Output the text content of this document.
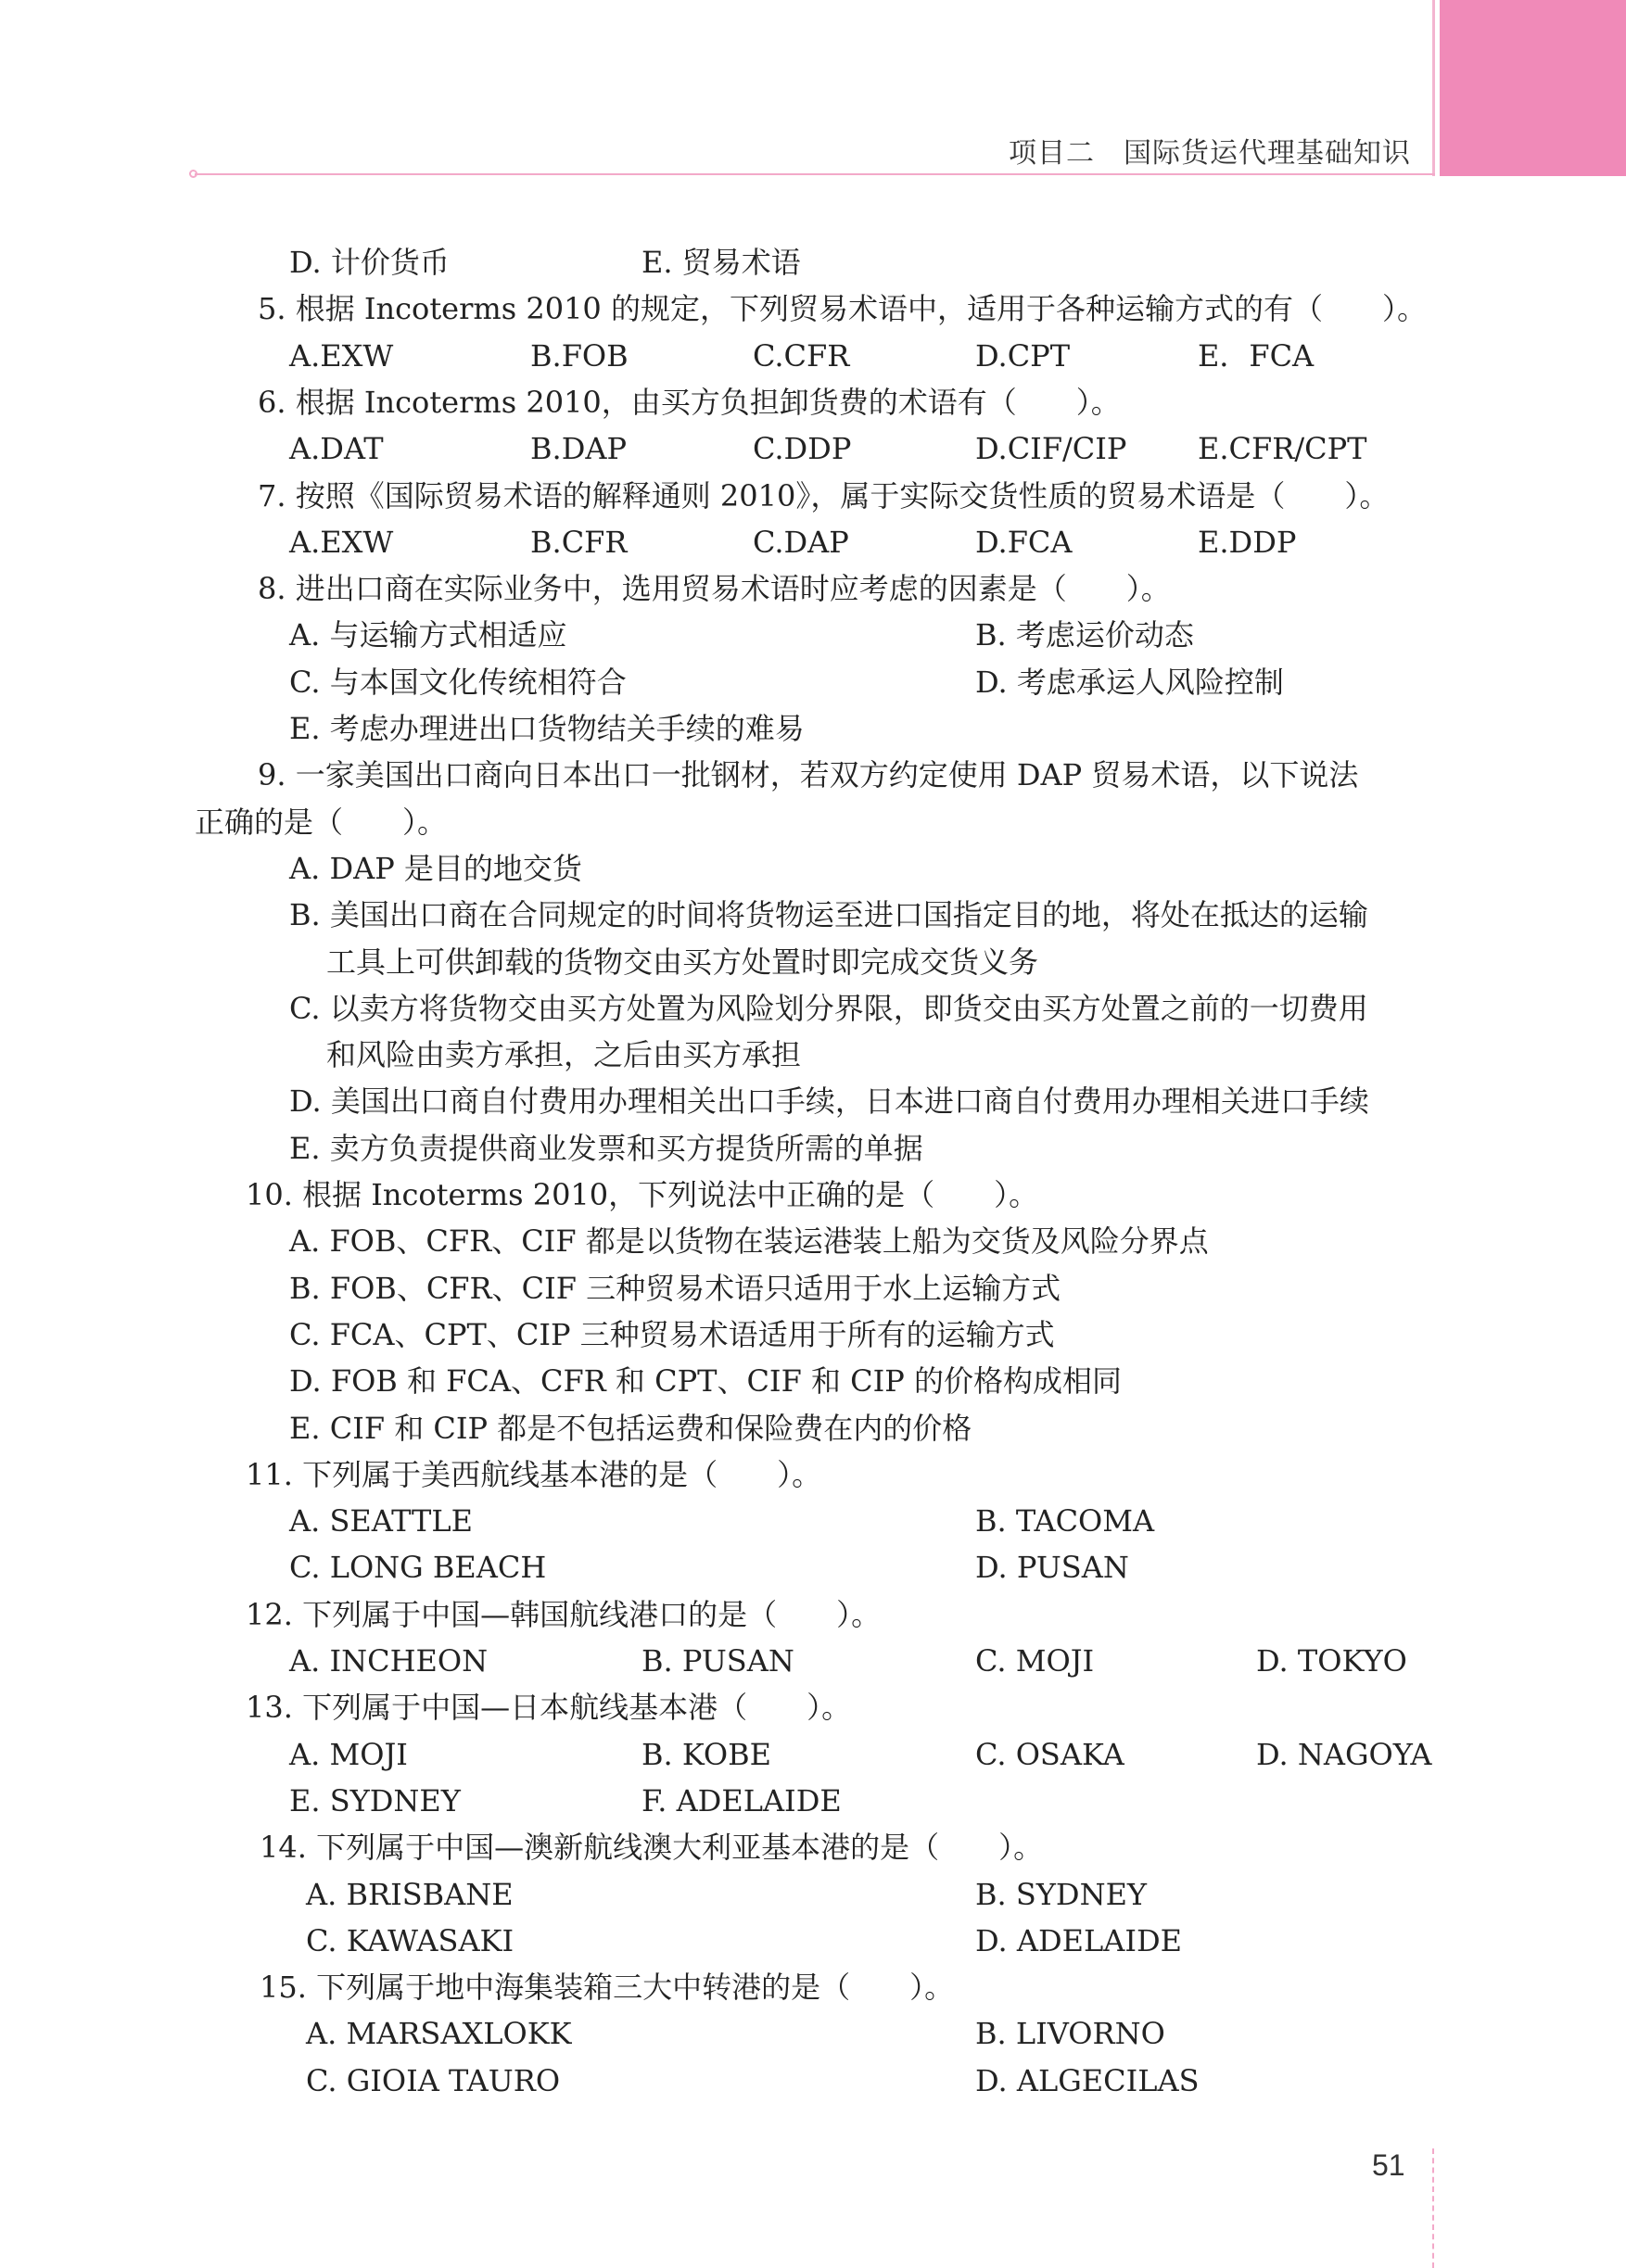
项目二　国际货运代理基础知识
D. 计价货币	E. 贸易术语
5. 根据 Incoterms 2010 的规定，下列贸易术语中，适用于各种运输方式的有（　　）。
A.EXW	B.FOB	C.CFR	D.CPT	E．FCA
6. 根据 Incoterms 2010，由买方负担卸货费的术语有（　　）。
A.DAT	B.DAP	C.DDP	D.CIF/CIP E.CFR/CPT
7. 按照《国际贸易术语的解释通则 2010》，属于实际交货性质的贸易术语是（　　）。
A.EXW	B.CFR	C.DAP	D.FCA	E.DDP
8. 进出口商在实际业务中，选用贸易术语时应考虑的因素是（　　）。
A. 与运输方式相适应	B. 考虑运价动态
C. 与本国文化传统相符合	D. 考虑承运人风险控制
E. 考虑办理进出口货物结关手续的难易
9. 一家美国出口商向日本出口一批钢材，若双方约定使用 DAP 贸易术语，以下说法
正确的是（　　）。
A. DAP 是目的地交货
B. 美国出口商在合同规定的时间将货物运至进口国指定目的地，将处在抵达的运输
工具上可供卸载的货物交由买方处置时即完成交货义务
C. 以卖方将货物交由买方处置为风险划分界限，即货交由买方处置之前的一切费用
和风险由卖方承担，之后由买方承担
D. 美国出口商自付费用办理相关出口手续，日本进口商自付费用办理相关进口手续
E. 卖方负责提供商业发票和买方提货所需的单据
10. 根据 Incoterms 2010，下列说法中正确的是（　　）。
A. FOB、CFR、CIF 都是以货物在装运港装上船为交货及风险分界点
B. FOB、CFR、CIF 三种贸易术语只适用于水上运输方式
C. FCA、CPT、CIP 三种贸易术语适用于所有的运输方式
D. FOB 和 FCA、CFR 和 CPT、CIF 和 CIP 的价格构成相同
E. CIF 和 CIP 都是不包括运费和保险费在内的价格
11. 下列属于美西航线基本港的是（　　）。
A. SEATTLE	B. TACOMA
C. LONG BEACH	D. PUSAN
12. 下列属于中国—韩国航线港口的是（　　）。
A. INCHEON	B. PUSAN	C. MOJI	D. TOKYO
13. 下列属于中国—日本航线基本港（　　）。
A. MOJI	B. KOBE	C. OSAKA	D. NAGOYA
E. SYDNEY	F. ADELAIDE
14. 下列属于中国—澳新航线澳大利亚基本港的是（　　）。
A. BRISBANE	B. SYDNEY
C. KAWASAKI	D. ADELAIDE
15. 下列属于地中海集装箱三大中转港的是（　　）。
A. MARSAXLOKK	B. LIVORNO
C. GIOIA TAURO	D. ALGECILAS
51
